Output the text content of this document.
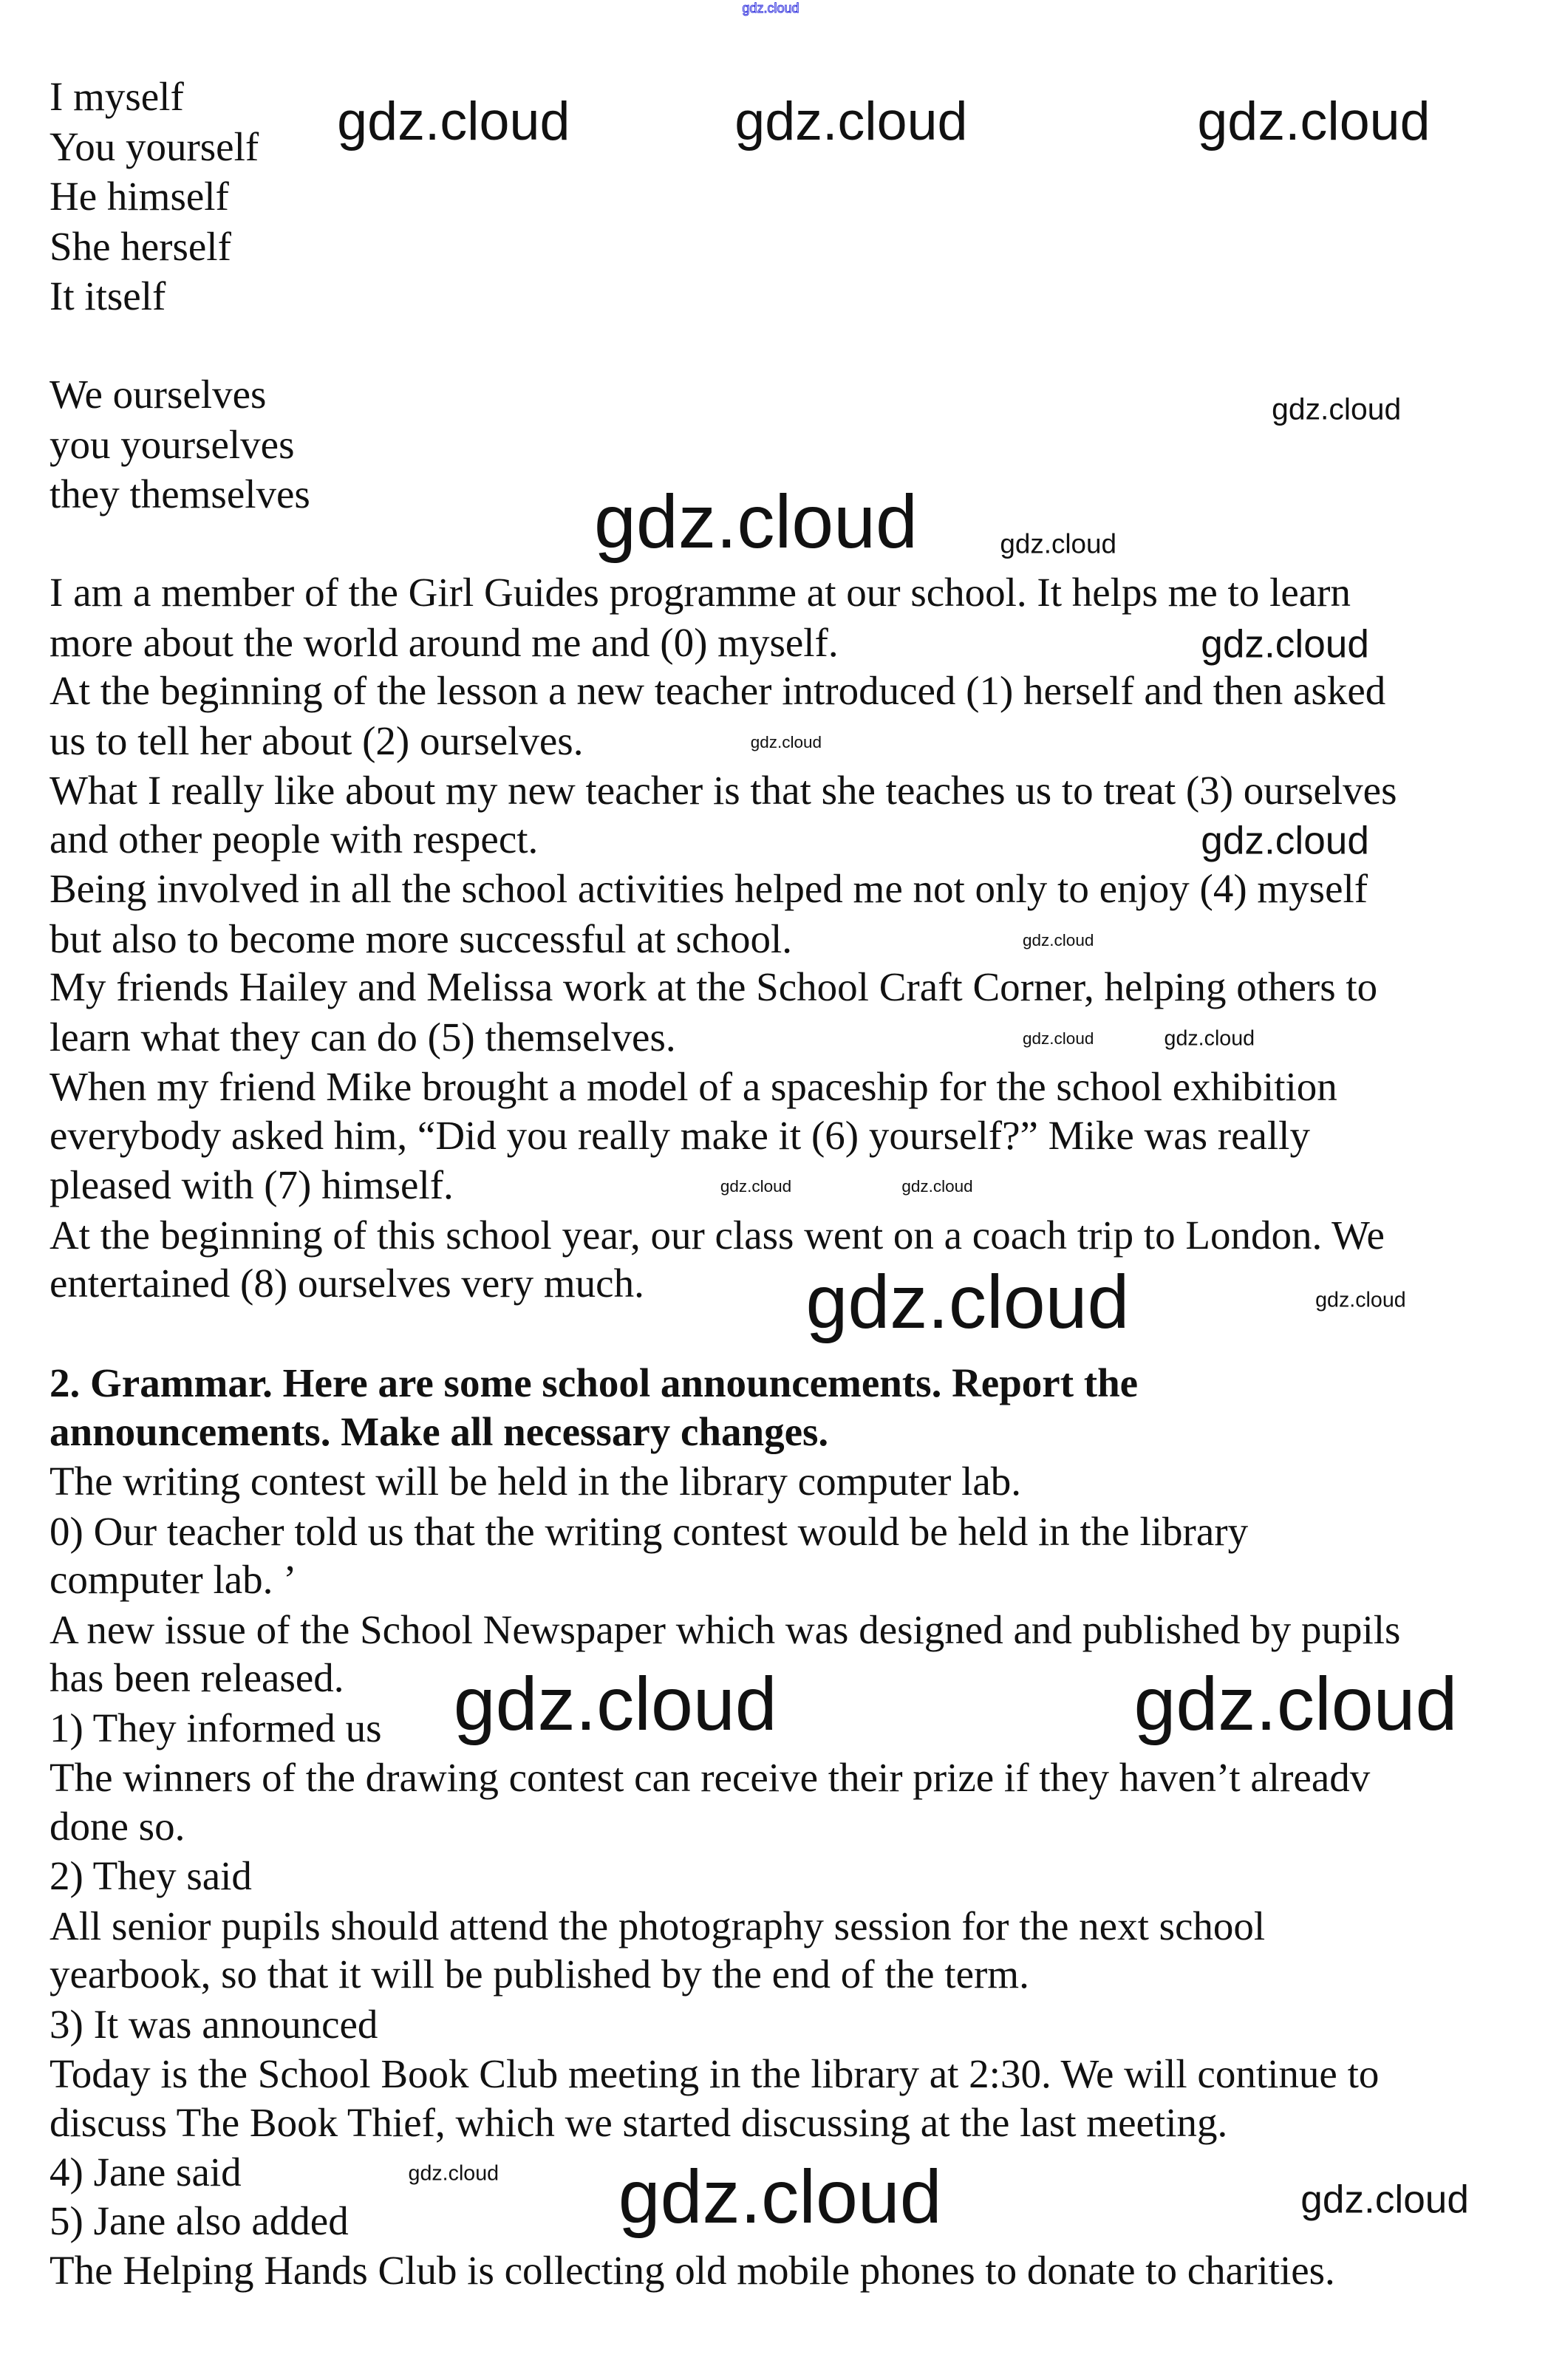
I myself
You yourself
He himself
She herself
It itself
We ourselves
you yourselves
they themselves
I am a member of the Girl Guides programme at our school. It helps me to learn
more about the world around me and (0) myself.
At the beginning of the lesson a new teacher introduced (1) herself and then asked
us to tell her about (2) ourselves.
What I really like about my new teacher is that she teaches us to treat (3) ourselves
and other people with respect.
Being involved in all the school activities helped me not only to enjoy (4) myself
but also to become more successful at school.
My friends Hailey and Melissa work at the School Craft Corner, helping others to
learn what they can do (5) themselves.
When my friend Mike brought a model of a spaceship for the school exhibition
everybody asked him, “Did you really make it (6) yourself?” Mike was really
pleased with (7) himself.
At the beginning of this school year, our class went on a coach trip to London. We
entertained (8) ourselves very much.
2. Grammar. Here are some school announcements. Report the
announcements. Make all necessary changes.
The writing contest will be held in the library computer lab.
0) Our teacher told us that the writing contest would be held in the library
computer lab. ’
A new issue of the School Newspaper which was designed and published by pupils
has been released.
1) They informed us
The winners of the drawing contest can receive their prize if they haven’t alreadv
done so.
2) They said
All senior pupils should attend the photography session for the next school
yearbook, so that it will be published by the end of the term.
3) It was announced
Today is the School Book Club meeting in the library at 2:30. We will continue to
discuss The Book Thief, which we started discussing at the last meeting.
4) Jane said
5) Jane also added
The Helping Hands Club is collecting old mobile phones to donate to charities.
gdz.cloud	gdz.cloud	gdz.cloud
gdz.cloud
gdz.cloud	gdz.cloud
gdz.cloud
gdz.cloud
gdz.cloud
gdz.cloud
gdz.cloud	gdz.cloud
gdz.cloud	gdz.cloud
gdz.cloud	gdz.cloud
gdz.cloud	gdz.cloud
gdz.cloud
gdz.cloud gdz.cloud
gdz.cloud
